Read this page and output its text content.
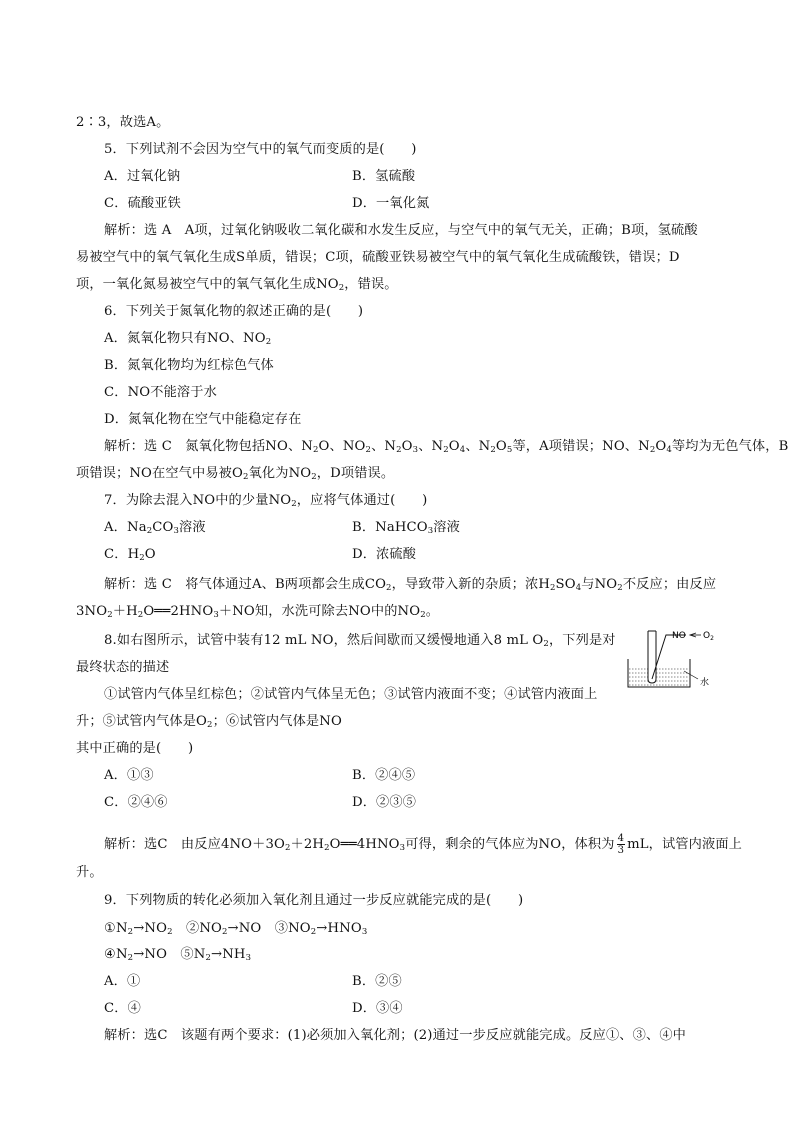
2∶3，故选A。
5．下列试剂不会因为空气中的氧气而变质的是(　　)
A．过氧化钠	B．氢硫酸
C．硫酸亚铁	D．一氧化氮
解析：选 A　A项，过氧化钠吸收二氧化碳和水发生反应，与空气中的氧气无关，正确；B项，氢硫酸
易被空气中的氧气氧化生成S单质，错误；C项，硫酸亚铁易被空气中的氧气氧化生成硫酸铁，错误；D
项，一氧化氮易被空气中的氧气氧化生成$NO_2$，错误。
6．下列关于氮氧化物的叙述正确的是(　　)
A．氮氧化物只有NO、$NO_2$
B．氮氧化物均为红棕色气体
C．NO不能溶于水
D．氮氧化物在空气中能稳定存在
解析：选 C　氮氧化物包括NO、$N_2O$、$NO_2$、$N_2O_3$、$N_2O_4$、$N_2O_5$等，A项错误；NO、$N_2O_4$等均为无色气体，B
项错误；NO在空气中易被$O_2$氧化为$NO_2$，D项错误。
7．为除去混入NO中的少量$NO_2$，应将气体通过(　　)
A．$Na_2CO_3$溶液	B．NaHCO$_3$溶液
C．$H_2O$	D．浓硫酸
解析：选 C　将气体通过A、B两项都会生成$CO_2$，导致带入新的杂质；浓$H_2SO_4$与$NO_2$不反应；由反应
$3NO_2+H_2O══2HNO_3+NO$知，水洗可除去NO中的$NO_2$。
8.如右图所示，试管中装有12 mL NO，然后间歇而又缓慢地通入8 mL $O_2$，下列是对
最终状态的描述
①试管内气体呈红棕色；②试管内气体呈无色；③试管内液面不变；④试管内液面上
升；⑤试管内气体是$O_2$；⑥试管内气体是NO
其中正确的是(　　)
A．①③	B．②④⑤
C．②④⑥	D．②③⑤
解析：选C　由反应$4NO+3O_2+2H_2O══4HNO_3$可得，剩余的气体应为NO，体积为 $\frac{4}{3}$ mL，试管内液面上
升。
9．下列物质的转化必须加入氧化剂且通过一步反应就能完成的是(　　)
$①N_2\to NO_2$　$②NO_2\to NO$　$③NO_2\to HNO_3$
$④N_2\to NO$　$⑤N_2\to NH_3$
A．①	B．②⑤
C．④	D．③④
解析：选C　该题有两个要求：(1)必须加入氧化剂；(2)通过一步反应就能完成。反应①、③、④中
NO $O_2$
水
